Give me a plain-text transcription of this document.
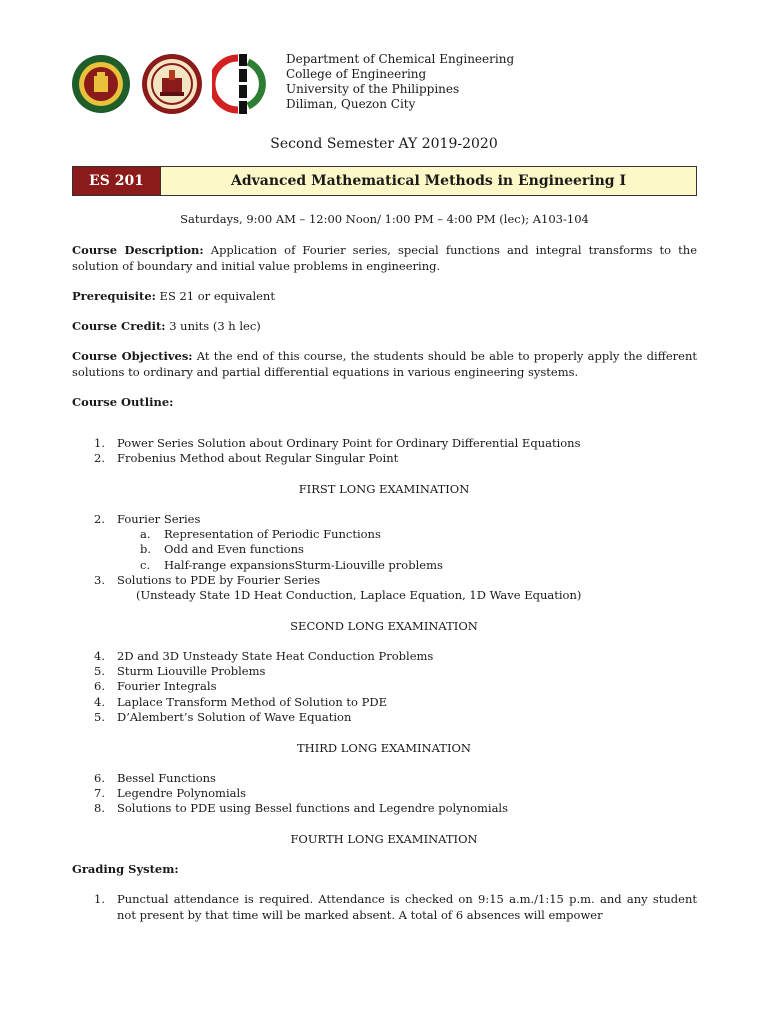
Department of Chemical Engineering
College of Engineering
University of the Philippines
Diliman, Quezon City
Second Semester AY 2019-2020
ES 201	Advanced Mathematical Methods in Engineering I
Saturdays, 9:00 AM – 12:00 Noon/ 1:00 PM – 4:00 PM (lec); A103-104
Course Description: Application of Fourier series, special functions and integral transforms to the solution of boundary and initial value problems in engineering.
Prerequisite: ES 21 or equivalent
Course Credit: 3 units (3 h lec)
Course Objectives: At the end of this course, the students should be able to properly apply the different solutions to ordinary and partial differential equations in various engineering systems.
Course Outline:
1. Power Series Solution about Ordinary Point for Ordinary Differential Equations
2. Frobenius Method about Regular Singular Point
FIRST LONG EXAMINATION
2. Fourier Series
a. Representation of Periodic Functions
b. Odd and Even functions
c. Half-range expansionsSturm-Liouville problems
3. Solutions to PDE by Fourier Series
(Unsteady State 1D Heat Conduction, Laplace Equation, 1D Wave Equation)
SECOND LONG EXAMINATION
4. 2D and 3D Unsteady State Heat Conduction Problems
5. Sturm Liouville Problems
6. Fourier Integrals
4. Laplace Transform Method of Solution to PDE
5. D’Alembert’s Solution of Wave Equation
THIRD LONG EXAMINATION
6. Bessel Functions
7. Legendre Polynomials
8. Solutions to PDE using Bessel functions and Legendre polynomials
FOURTH LONG EXAMINATION
Grading System:
1. Punctual attendance is required. Attendance is checked on 9:15 a.m./1:15 p.m. and any student not present by that time will be marked absent. A total of 6 absences will empower
